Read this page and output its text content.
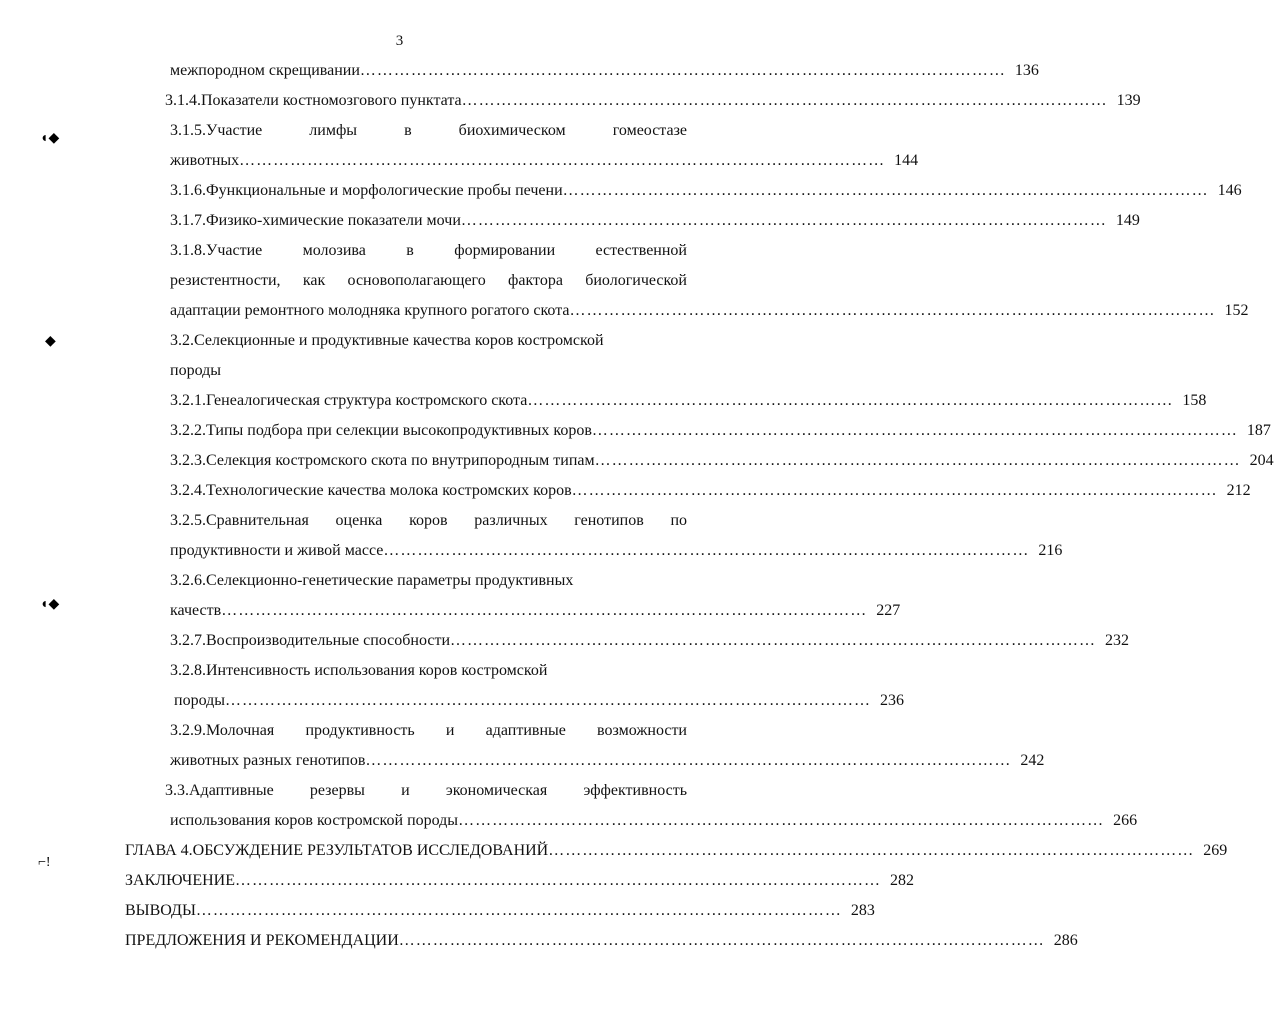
3
◖◆
◆
◖◆
⌐ǃ
межпородном скрещивании …………………………………………………………………………………………………… 136
3.1.4.Показатели костномозгового пунктата …………………………………………………………………………………………………… 139
3.1.5.Участие лимфы в биохимическом гомеостазе
животных …………………………………………………………………………………………………… 144
3.1.6.Функциональные и морфологические пробы печени …………………………………………………………………………………………………… 146
3.1.7.Физико-химические показатели мочи …………………………………………………………………………………………………… 149
3.1.8.Участие молозива в формировании естественной
резистентности, как основополагающего фактора биологической
адаптации ремонтного молодняка крупного рогатого скота …………………………………………………………………………………………………… 152
3.2.Селекционные и продуктивные качества коров костромской
породы
3.2.1.Генеалогическая структура костромского скота …………………………………………………………………………………………………… 158
3.2.2.Типы подбора при селекции высокопродуктивных коров …………………………………………………………………………………………………… 187
3.2.3.Селекция костромского скота по внутрипородным типам …………………………………………………………………………………………………… 204
3.2.4.Технологические качества молока костромских коров …………………………………………………………………………………………………… 212
3.2.5.Сравнительная оценка коров различных генотипов по
продуктивности и живой массе …………………………………………………………………………………………………… 216
3.2.6.Селекционно-генетические параметры продуктивных
качеств …………………………………………………………………………………………………… 227
3.2.7.Воспроизводительные способности …………………………………………………………………………………………………… 232
3.2.8.Интенсивность использования коров костромской
породы …………………………………………………………………………………………………… 236
3.2.9.Молочная продуктивность и адаптивные возможности
животных разных генотипов …………………………………………………………………………………………………… 242
3.3.Адаптивные резервы и экономическая эффективность
использования коров костромской породы …………………………………………………………………………………………………… 266
ГЛАВА 4.ОБСУЖДЕНИЕ РЕЗУЛЬТАТОВ ИССЛЕДОВАНИЙ …………………………………………………………………………………………………… 269
ЗАКЛЮЧЕНИЕ …………………………………………………………………………………………………… 282
ВЫВОДЫ …………………………………………………………………………………………………… 283
ПРЕДЛОЖЕНИЯ И РЕКОМЕНДАЦИИ …………………………………………………………………………………………………… 286
